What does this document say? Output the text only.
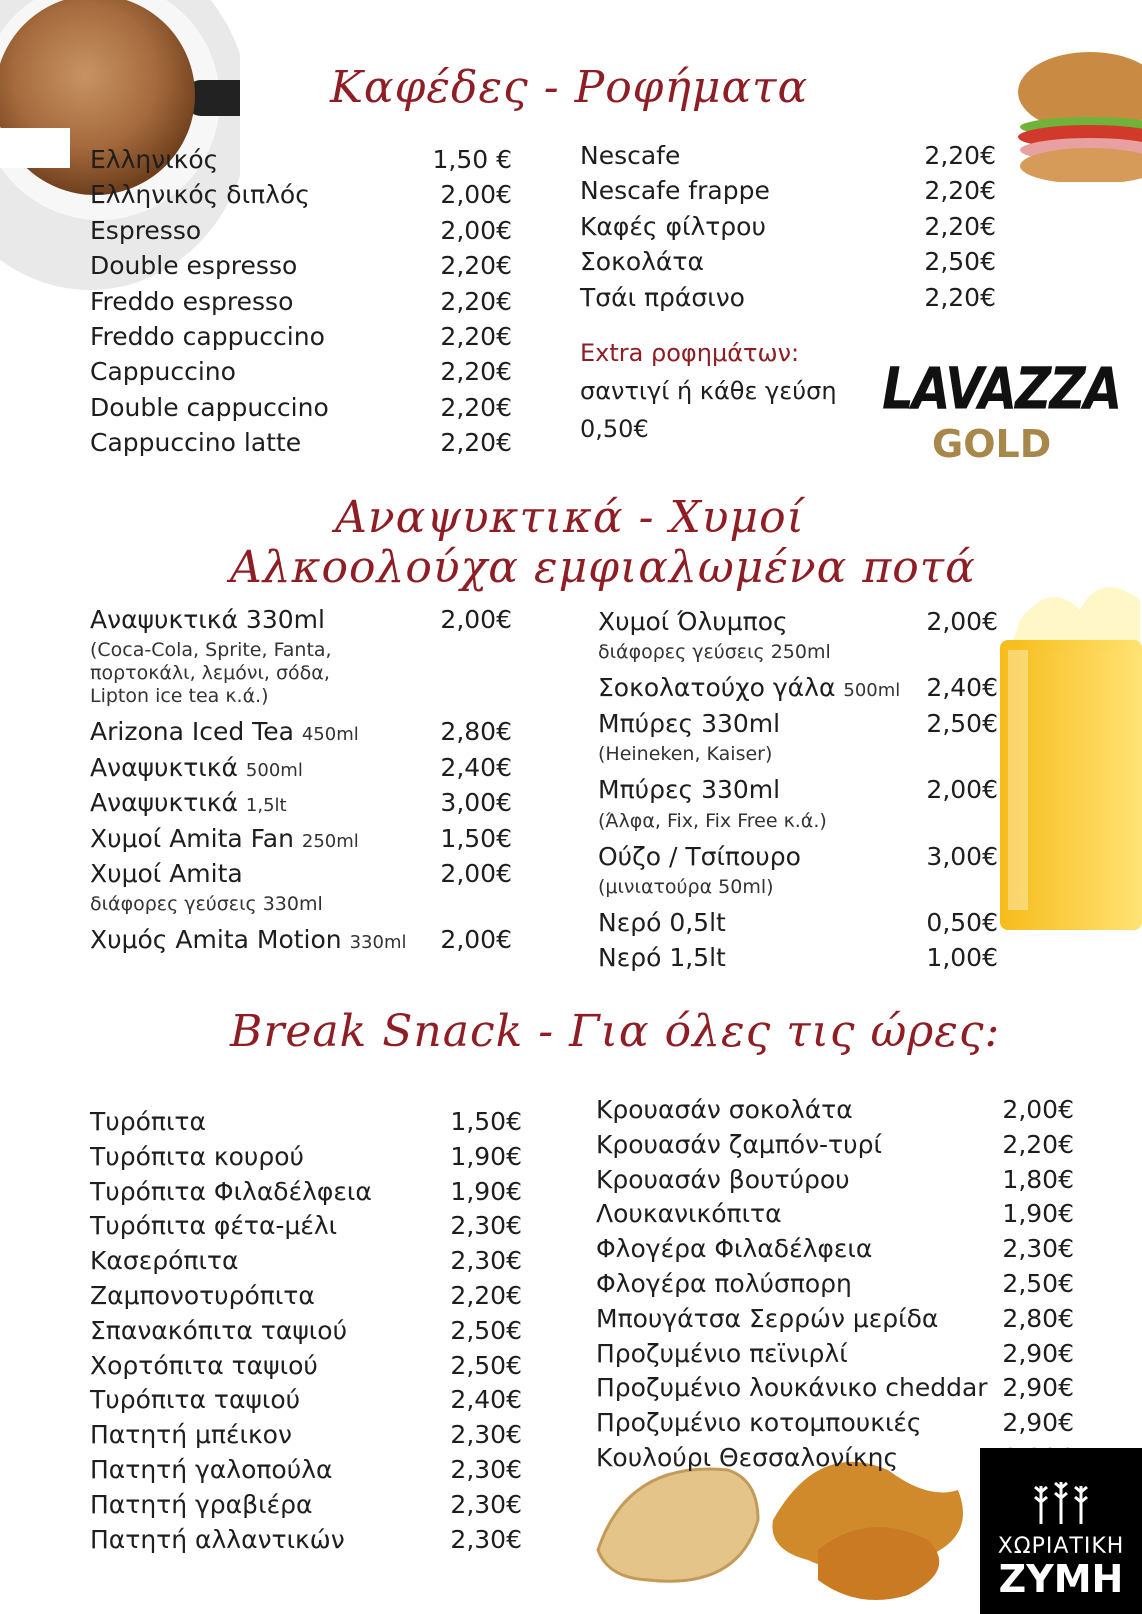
Καφέδες - Ροφήματα
Ελληνικός	1,50 €
Ελληνικός διπλός	2,00€
Espresso	2,00€
Double espresso	2,20€
Freddo espresso	2,20€
Freddo cappuccino	2,20€
Cappuccino	2,20€
Double cappuccino	2,20€
Cappuccino latte	2,20€
Nescafe	2,20€
Nescafe frappe	2,20€
Καφές φίλτρου	2,20€
Σοκολάτα	2,50€
Τσάι πράσινο	2,20€
Extra ροφημάτων:
σαντιγί ή κάθε γεύση
0,50€
LAVAZZA
GOLD
Αναψυκτικά - Χυμοί
Αλκοολούχα εμφιαλωμένα ποτά
Αναψυκτικά 330ml	2,00€
(Coca-Cola, Sprite, Fanta,
πορτοκάλι, λεμόνι, σόδα,
Lipton ice tea κ.ά.)
Arizona Iced Tea 450ml	2,80€
Αναψυκτικά 500ml	2,40€
Αναψυκτικά 1,5lt	3,00€
Χυμοί Amita Fan 250ml	1,50€
Χυμοί Amita	2,00€
διάφορες γεύσεις 330ml
Χυμός Amita Motion 330ml 2,00€
Χυμοί Όλυμπος	2,00€
διάφορες γεύσεις 250ml
Σοκολατούχο γάλα 500ml 2,40€
Μπύρες 330ml	2,50€
(Heineken, Kaiser)
Μπύρες 330ml	2,00€
(Άλφα, Fix, Fix Free κ.ά.)
Ούζο / Τσίπουρο	3,00€
(μινιατούρα 50ml)
Νερό 0,5lt	0,50€
Νερό 1,5lt	1,00€
Break Snack - Για όλες τις ώρες:
Τυρόπιτα	1,50€
Τυρόπιτα κουρού	1,90€
Τυρόπιτα Φιλαδέλφεια	1,90€
Τυρόπιτα φέτα-μέλι	2,30€
Κασερόπιτα	2,30€
Ζαμπονοτυρόπιτα	2,20€
Σπανακόπιτα ταψιού	2,50€
Χορτόπιτα ταψιού	2,50€
Τυρόπιτα ταψιού	2,40€
Πατητή μπέικον	2,30€
Πατητή γαλοπούλα	2,30€
Πατητή γραβιέρα	2,30€
Πατητή αλλαντικών	2,30€
Κρουασάν σοκολάτα	2,00€
Κρουασάν ζαμπόν-τυρί	2,20€
Κρουασάν βουτύρου	1,80€
Λουκανικόπιτα	1,90€
Φλογέρα Φιλαδέλφεια	2,30€
Φλογέρα πολύσπορη	2,50€
Μπουγάτσα Σερρών μερίδα	2,80€
Προζυμένιο πεϊνιρλί	2,90€
Προζυμένιο λουκάνικο cheddar 2,90€
Προζυμένιο κοτομπουκιές	2,90€
Κουλούρι Θεσσαλονίκης
ΧΩΡΙΑΤΙΚΗ
ΖΥΜΗ
